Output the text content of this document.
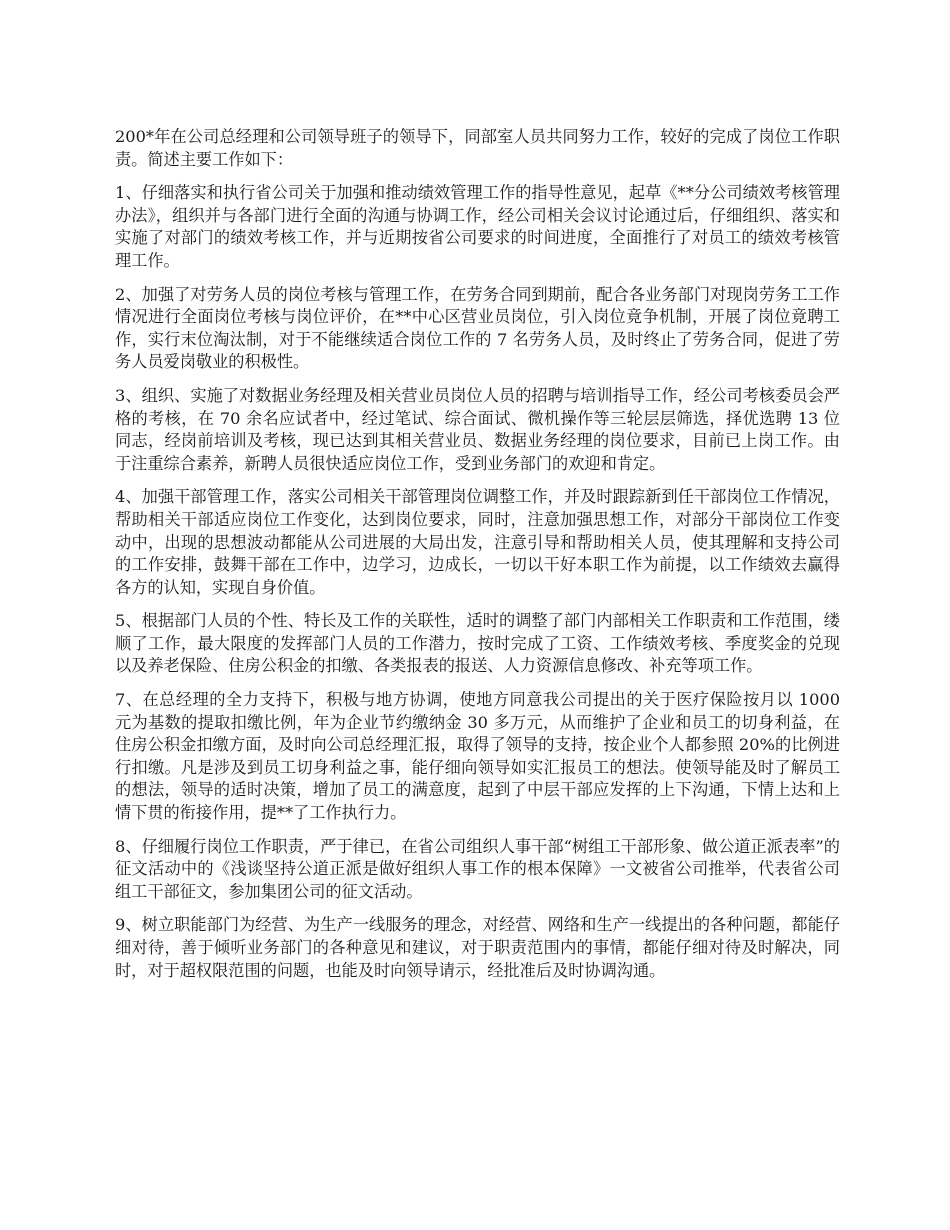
200*年在公司总经理和公司领导班子的领导下，同部室人员共同努力工作，较好的完成了岗位工作职责。简述主要工作如下：

1、仔细落实和执行省公司关于加强和推动绩效管理工作的指导性意见，起草《**分公司绩效考核管理办法》，组织并与各部门进行全面的沟通与协调工作，经公司相关会议讨论通过后，仔细组织、落实和实施了对部门的绩效考核工作，并与近期按省公司要求的时间进度，全面推行了对员工的绩效考核管理工作。

2、加强了对劳务人员的岗位考核与管理工作，在劳务合同到期前，配合各业务部门对现岗劳务工工作情况进行全面岗位考核与岗位评价，在**中心区营业员岗位，引入岗位竟争机制，开展了岗位竟聘工作，实行末位淘汰制，对于不能继续适合岗位工作的 7 名劳务人员，及时终止了劳务合同，促进了劳务人员爱岗敬业的积极性。

3、组织、实施了对数据业务经理及相关营业员岗位人员的招聘与培训指导工作，经公司考核委员会严格的考核，在 70 余名应试者中，经过笔试、综合面试、微机操作等三轮层层筛选，择优选聘 13 位同志，经岗前培训及考核，现已达到其相关营业员、数据业务经理的岗位要求，目前已上岗工作。由于注重综合素养，新聘人员很快适应岗位工作，受到业务部门的欢迎和肯定。

4、加强干部管理工作，落实公司相关干部管理岗位调整工作，并及时跟踪新到任干部岗位工作情况，帮助相关干部适应岗位工作变化，达到岗位要求，同时，注意加强思想工作，对部分干部岗位工作变动中，出现的思想波动都能从公司进展的大局出发，注意引导和帮助相关人员，使其理解和支持公司的工作安排，鼓舞干部在工作中，边学习，边成长，一切以干好本职工作为前提，以工作绩效去赢得各方的认知，实现自身价值。

5、根据部门人员的个性、特长及工作的关联性，适时的调整了部门内部相关工作职责和工作范围，缕顺了工作，最大限度的发挥部门人员的工作潜力，按时完成了工资、工作绩效考核、季度奖金的兑现以及养老保险、住房公积金的扣缴、各类报表的报送、人力资源信息修改、补充等项工作。

7、在总经理的全力支持下，积极与地方协调，使地方同意我公司提出的关于医疗保险按月以 1000 元为基数的提取扣缴比例，年为企业节约缴纳金 30 多万元，从而维护了企业和员工的切身利益，在住房公积金扣缴方面，及时向公司总经理汇报，取得了领导的支持，按企业个人都参照 20%的比例进行扣缴。凡是涉及到员工切身利益之事，能仔细向领导如实汇报员工的想法。使领导能及时了解员工的想法，领导的适时决策，增加了员工的满意度，起到了中层干部应发挥的上下沟通，下情上达和上情下贯的衔接作用，提**了工作执行力。

8、仔细履行岗位工作职责，严于律已，在省公司组织人事干部“树组工干部形象、做公道正派表率”的征文活动中的《浅谈坚持公道正派是做好组织人事工作的根本保障》一文被省公司推举，代表省公司组工干部征文，参加集团公司的征文活动。

9、树立职能部门为经营、为生产一线服务的理念，对经营、网络和生产一线提出的各种问题，都能仔细对待，善于倾听业务部门的各种意见和建议，对于职责范围内的事情，都能仔细对待及时解决，同时，对于超权限范围的问题，也能及时向领导请示，经批准后及时协调沟通。
